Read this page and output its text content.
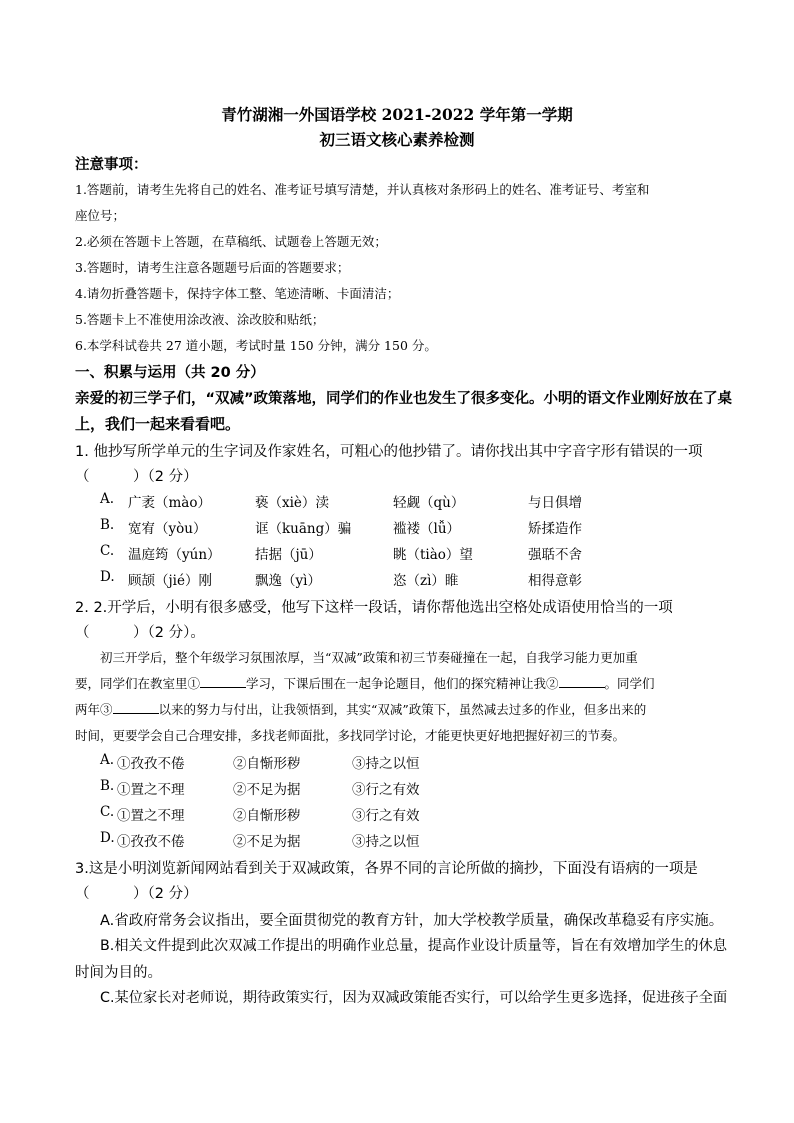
青竹湖湘一外国语学校 2021-2022 学年第一学期
初三语文核心素养检测
注意事项：
1.答题前，请考生先将自己的姓名、准考证号填写清楚，并认真核对条形码上的姓名、准考证号、考室和
座位号；
2.必须在答题卡上答题，在草稿纸、试题卷上答题无效；
3.答题时，请考生注意各题题号后面的答题要求；
4.请勿折叠答题卡，保持字体工整、笔迹清晰、卡面清洁；
5.答题卡上不准使用涂改液、涂改胶和贴纸；
6.本学科试卷共 27 道小题，考试时量 150 分钟，满分 150 分。
一、积累与运用（共 20 分）
亲爱的初三学子们，“双减”政策落地，同学们的作业也发生了很多变化。小明的语文作业刚好放在了桌
上，我们一起来看看吧。
1. 他抄写所学单元的生字词及作家姓名，可粗心的他抄错了。请你找出其中字音字形有错误的一项
（　　　）（2 分）
A. 广袤（mào）	亵（xiè）渎	轻觑（qù）	与日俱增
B. 宽宥（yòu）	诓（kuāng）骗	褴褛（lǚ）	矫揉造作
C. 温庭筠（yún）	拮据（jū）	眺（tiào）望	强聒不舍
D. 顾颉（jié）刚	飘逸（yì）	恣（zì）睢	相得意彰
2. 2.开学后，小明有很多感受，他写下这样一段话，请你帮他选出空格处成语使用恰当的一项
（　　　）（2 分）。
初三开学后，整个年级学习氛围浓厚，当“双减”政策和初三节奏碰撞在一起，自我学习能力更加重
要，同学们在教室里①	学习，下课后围在一起争论题目，他们的探究精神让我②	。同学们
两年③	以来的努力与付出，让我领悟到，其实“双减”政策下，虽然减去过多的作业，但多出来的
时间，更要学会自己合理安排，多找老师面批，多找同学讨论，才能更快更好地把握好初三的节奏。
A. ①孜孜不倦	②自惭形秽	③持之以恒
B. ①置之不理	②不足为据	③行之有效
C. ①置之不理	②自惭形秽	③行之有效
D. ①孜孜不倦	②不足为据	③持之以恒
3.这是小明浏览新闻网站看到关于双减政策，各界不同的言论所做的摘抄，下面没有语病的一项是
（　　　）（2 分）
A.省政府常务会议指出，要全面贯彻党的教育方针，加大学校教学质量，确保改革稳妥有序实施。
B.相关文件提到此次双减工作提出的明确作业总量，提高作业设计质量等，旨在有效增加学生的休息
时间为目的。
C.某位家长对老师说，期待政策实行，因为双减政策能否实行，可以给学生更多选择，促进孩子全面
